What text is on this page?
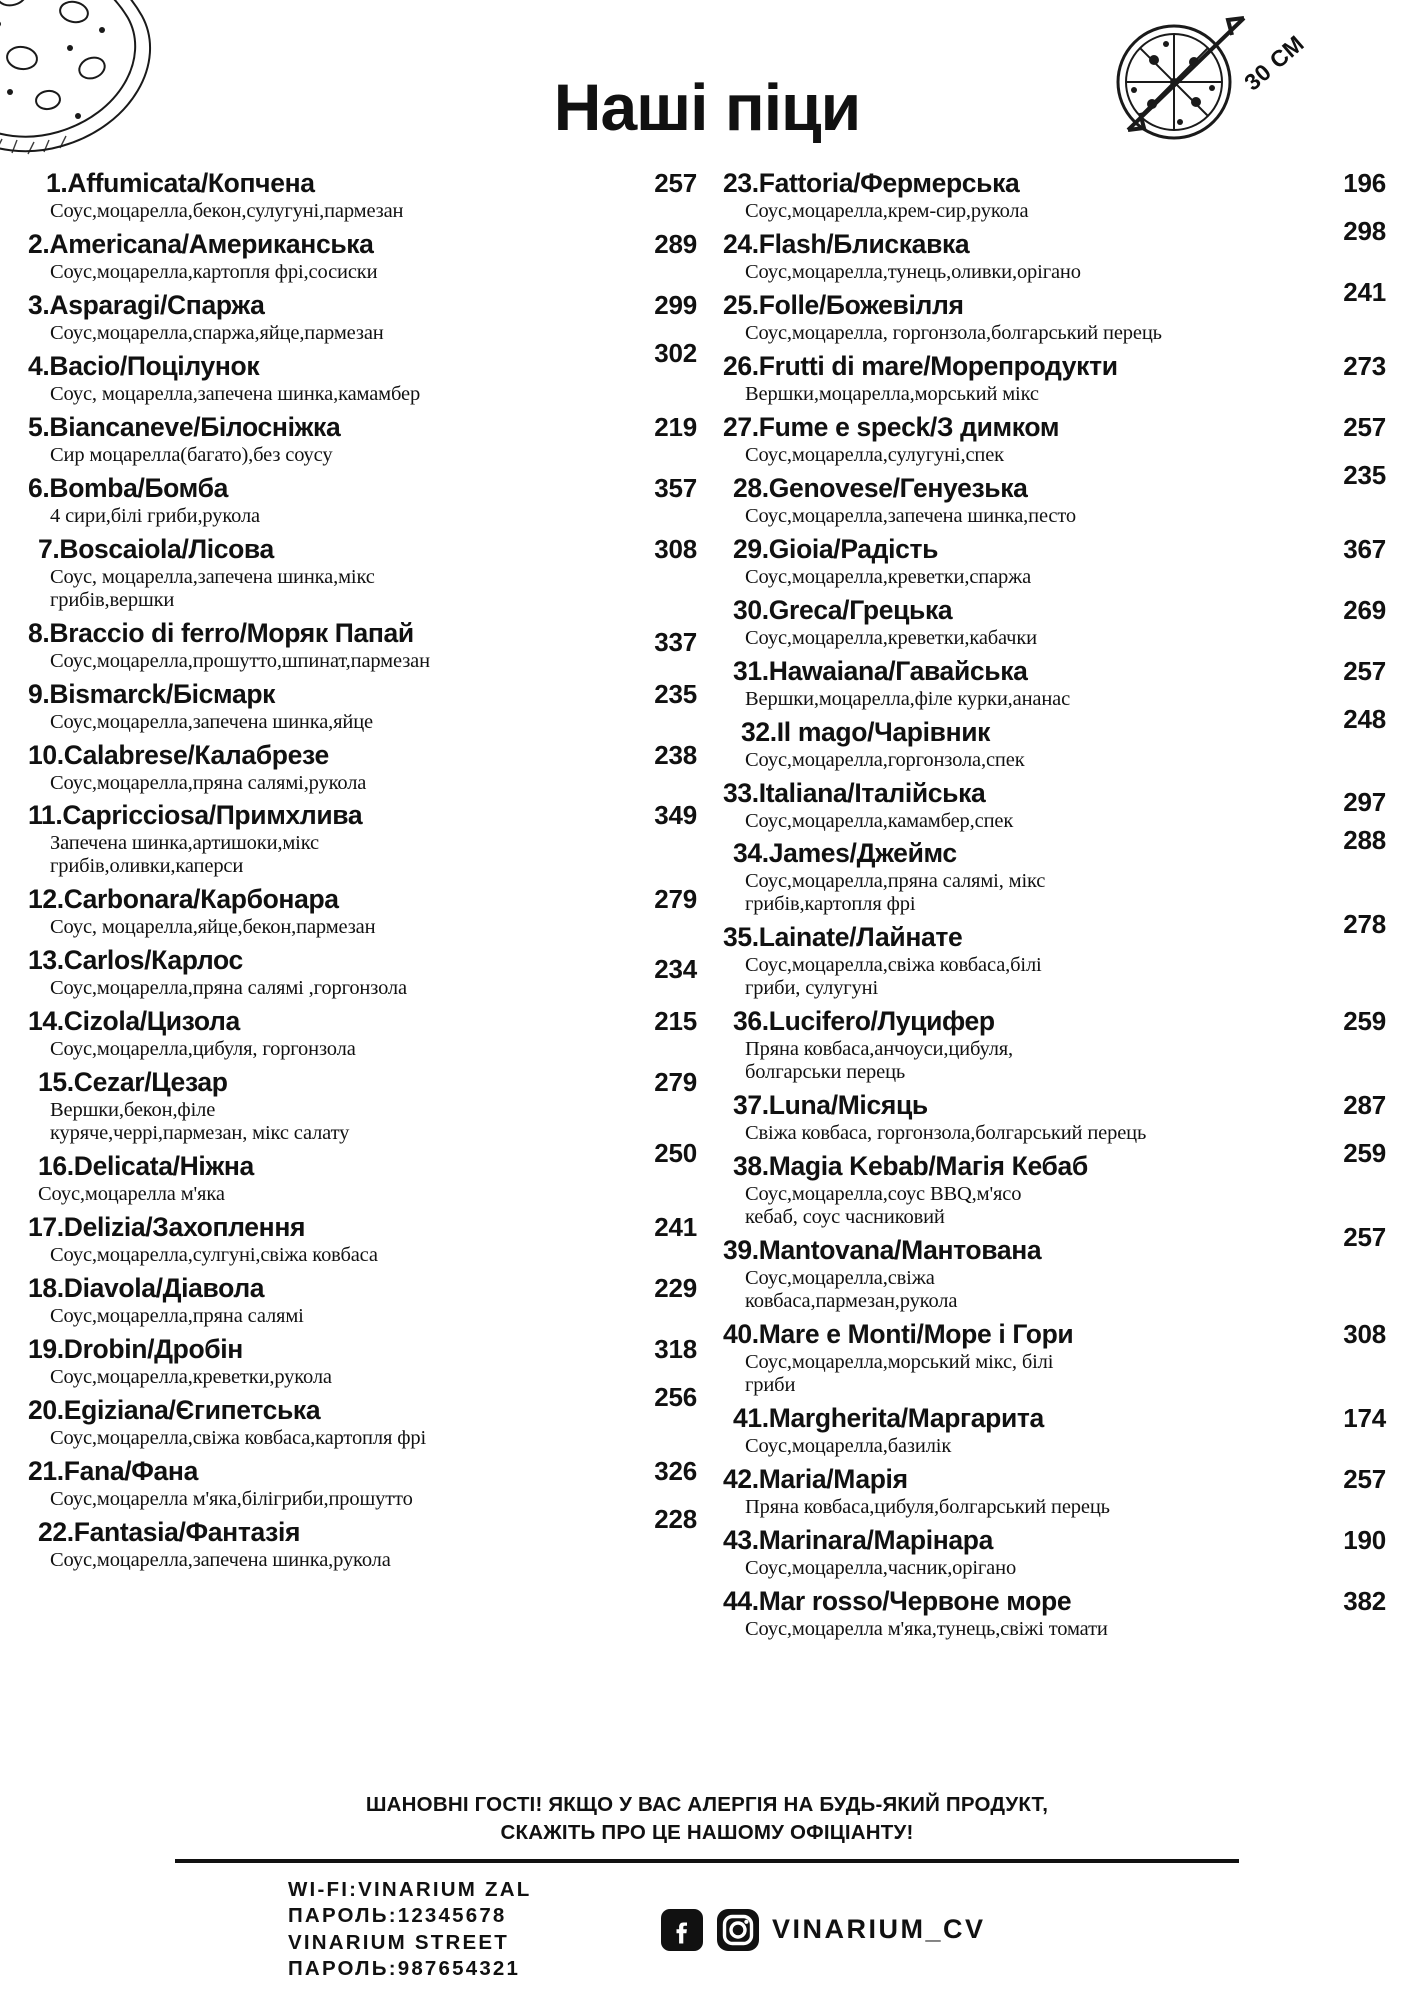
30 СМ
Наші піци
1.Affumicata/Копчена	257
Соус,моцарелла,бекон,сулугуні,пармезан
2.Americana/Американська	289
Соус,моцарелла,картопля фрі,сосиски
3.Asparagi/Спаржа	299
Соус,моцарелла,спаржа,яйце,пармезан
4.Bacio/Поцілунок	302
Соус, моцарелла,запечена шинка,камамбер
5.Biancaneve/Білосніжка	219
Сир моцарелла(багато),без соусу
6.Bomba/Бомба	357
4 сири,білі гриби,рукола
7.Boscaiola/Лісова	308
Соус, моцарелла,запечена шинка,мікс грибів,вершки
8.Braccio di ferro/Моряк Папай	337
Соус,моцарелла,прошутто,шпинат,пармезан
9.Bismarck/Бісмарк	235
Соус,моцарелла,запечена шинка,яйце
10.Calabrese/Калабрезе	238
Соус,моцарелла,пряна салямі,рукола
11.Capricciosa/Примхлива	349
Запечена шинка,артишоки,мікс грибів,оливки,каперси
12.Carbonara/Карбонара	279
Соус, моцарелла,яйце,бекон,пармезан
13.Carlos/Карлос	234
Соус,моцарелла,пряна салямі ,горгонзола
14.Cizola/Цизола	215
Соус,моцарелла,цибуля, горгонзола
15.Cezar/Цезар	279
Вершки,бекон,філе куряче,черрі,пармезан, мікс салату
16.Delicata/Ніжна	250
Соус,моцарелла м'яка
17.Delizia/Захоплення	241
Соус,моцарелла,сулгуні,свіжа ковбаса
18.Diavola/Діавола	229
Соус,моцарелла,пряна салямі
19.Drobin/Дробін	318
Соус,моцарелла,креветки,рукола
20.Egiziana/Єгипетська	256
Соус,моцарелла,свіжа ковбаса,картопля фрі
21.Fana/Фана	326
Соус,моцарелла м'яка,білігриби,прошутто
22.Fantasia/Фантазія	228
Соус,моцарелла,запечена шинка,рукола
23.Fattoria/Фермерська	196
Соус,моцарелла,крем-сир,рукола
24.Flash/Блискавка	298
Соус,моцарелла,тунець,оливки,орігано
25.Folle/Божевілля	241
Соус,моцарелла, горгонзола,болгарський перець
26.Frutti di mare/Морепродукти	273
Вершки,моцарелла,морський мікс
27.Fume e speck/З димком	257
Соус,моцарелла,сулугуні,спек
28.Genovese/Генуезька	235
Соус,моцарелла,запечена шинка,песто
29.Gioia/Радість	367
Соус,моцарелла,креветки,спаржа
30.Greca/Грецька	269
Соус,моцарелла,креветки,кабачки
31.Hawaiana/Гавайська	257
Вершки,моцарелла,філе курки,ананас
32.Il mago/Чарівник	248
Соус,моцарелла,горгонзола,спек
33.Italiana/Італійська	297
Соус,моцарелла,камамбер,спек
34.James/Джеймс	288
Соус,моцарелла,пряна салямі, мікс грибів,картопля фрі
35.Lainate/Лайнате	278
Соус,моцарелла,свіжа ковбаса,білі гриби, сулугуні
36.Lucifero/Луцифер	259
Пряна ковбаса,анчоуси,цибуля, болгарськи перець
37.Luna/Місяць	287
Свіжа ковбаса, горгонзола,болгарський перець
38.Magia Kebab/Магія Кебаб	259
Соус,моцарелла,соус BBQ,м'ясо кебаб, соус часниковий
39.Mantovana/Мантована	257
Соус,моцарелла,свіжа ковбаса,пармезан,рукола
40.Mare e Monti/Море і Гори	308
Соус,моцарелла,морський мікс, білі гриби
41.Margherita/Маргарита	174
Соус,моцарелла,базилік
42.Maria/Марія	257
Пряна ковбаса,цибуля,болгарський перець
43.Marinara/Марінара	190
Соус,моцарелла,часник,орігано
44.Mar rosso/Червоне море	382
Соус,моцарелла м'яка,тунець,свіжі томати
ШАНОВНІ ГОСТІ! ЯКЩО У ВАС АЛЕРГІЯ НА БУДЬ-ЯКИЙ ПРОДУКТ,
СКАЖІТЬ ПРО ЦЕ НАШОМУ ОФІЦІАНТУ!
WI-FI:VINARIUM ZAL
ПАРОЛЬ:12345678
VINARIUM STREET
ПАРОЛЬ:987654321
VINARIUM_CV
